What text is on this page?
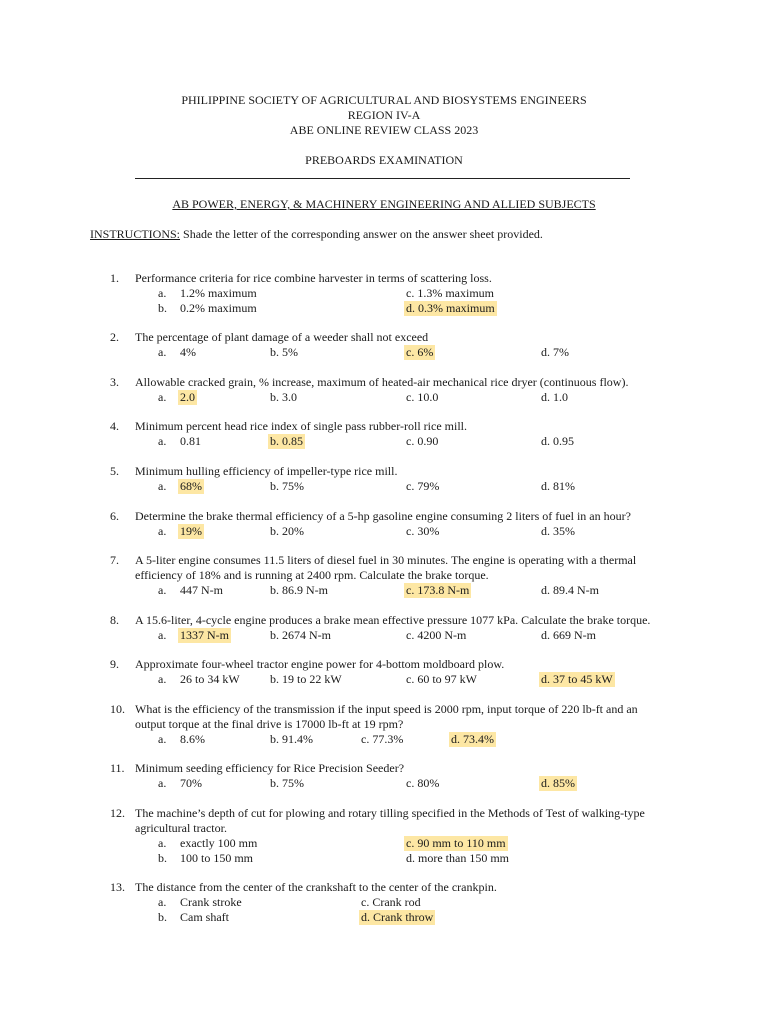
PHILIPPINE SOCIETY OF AGRICULTURAL AND BIOSYSTEMS ENGINEERS
REGION IV-A
ABE ONLINE REVIEW CLASS 2023
PREBOARDS EXAMINATION
AB POWER, ENERGY, & MACHINERY ENGINEERING AND ALLIED SUBJECTS
INSTRUCTIONS: Shade the letter of the corresponding answer on the answer sheet provided.
1.	Performance criteria for rice combine harvester in terms of scattering loss.
a. 1.2% maximum	c. 1.3% maximum
b. 0.2% maximum	d. 0.3% maximum
2.	The percentage of plant damage of a weeder shall not exceed
a. 4%	b. 5%	c. 6%	d. 7%
3.	Allowable cracked grain, % increase, maximum of heated-air mechanical rice dryer (continuous flow).
a. 2.0	b. 3.0	c. 10.0	d. 1.0
4.	Minimum percent head rice index of single pass rubber-roll rice mill.
a. 0.81	b. 0.85	c. 0.90	d. 0.95
5.	Minimum hulling efficiency of impeller-type rice mill.
a. 68%	b. 75%	c. 79%	d. 81%
6.	Determine the brake thermal efficiency of a 5-hp gasoline engine consuming 2 liters of fuel in an hour?
a. 19%	b. 20%	c. 30%	d. 35%
7.	A 5-liter engine consumes 11.5 liters of diesel fuel in 30 minutes. The engine is operating with a thermal efficiency of 18% and is running at 2400 rpm. Calculate the brake torque.
a. 447 N-m	b. 86.9 N-m	c. 173.8 N-m	d. 89.4 N-m
8.	A 15.6-liter, 4-cycle engine produces a brake mean effective pressure 1077 kPa. Calculate the brake torque.
a. 1337 N-m	b. 2674 N-m	c. 4200 N-m	d. 669 N-m
9.	Approximate four-wheel tractor engine power for 4-bottom moldboard plow.
a. 26 to 34 kW	b. 19 to 22 kW	c. 60 to 97 kW	d. 37 to 45 kW
10. What is the efficiency of the transmission if the input speed is 2000 rpm, input torque of 220 lb-ft and an output torque at the final drive is 17000 lb-ft at 19 rpm?
a. 8.6%	b. 91.4%	c. 77.3%	d. 73.4%
11. Minimum seeding efficiency for Rice Precision Seeder?
a. 70%	b. 75%	c. 80%	d. 85%
12. The machine’s depth of cut for plowing and rotary tilling specified in the Methods of Test of walking-type agricultural tractor.
a. exactly 100 mm	c. 90 mm to 110 mm
b. 100 to 150 mm	d. more than 150 mm
13. The distance from the center of the crankshaft to the center of the crankpin.
a. Crank stroke	c. Crank rod
b. Cam shaft	d. Crank throw
